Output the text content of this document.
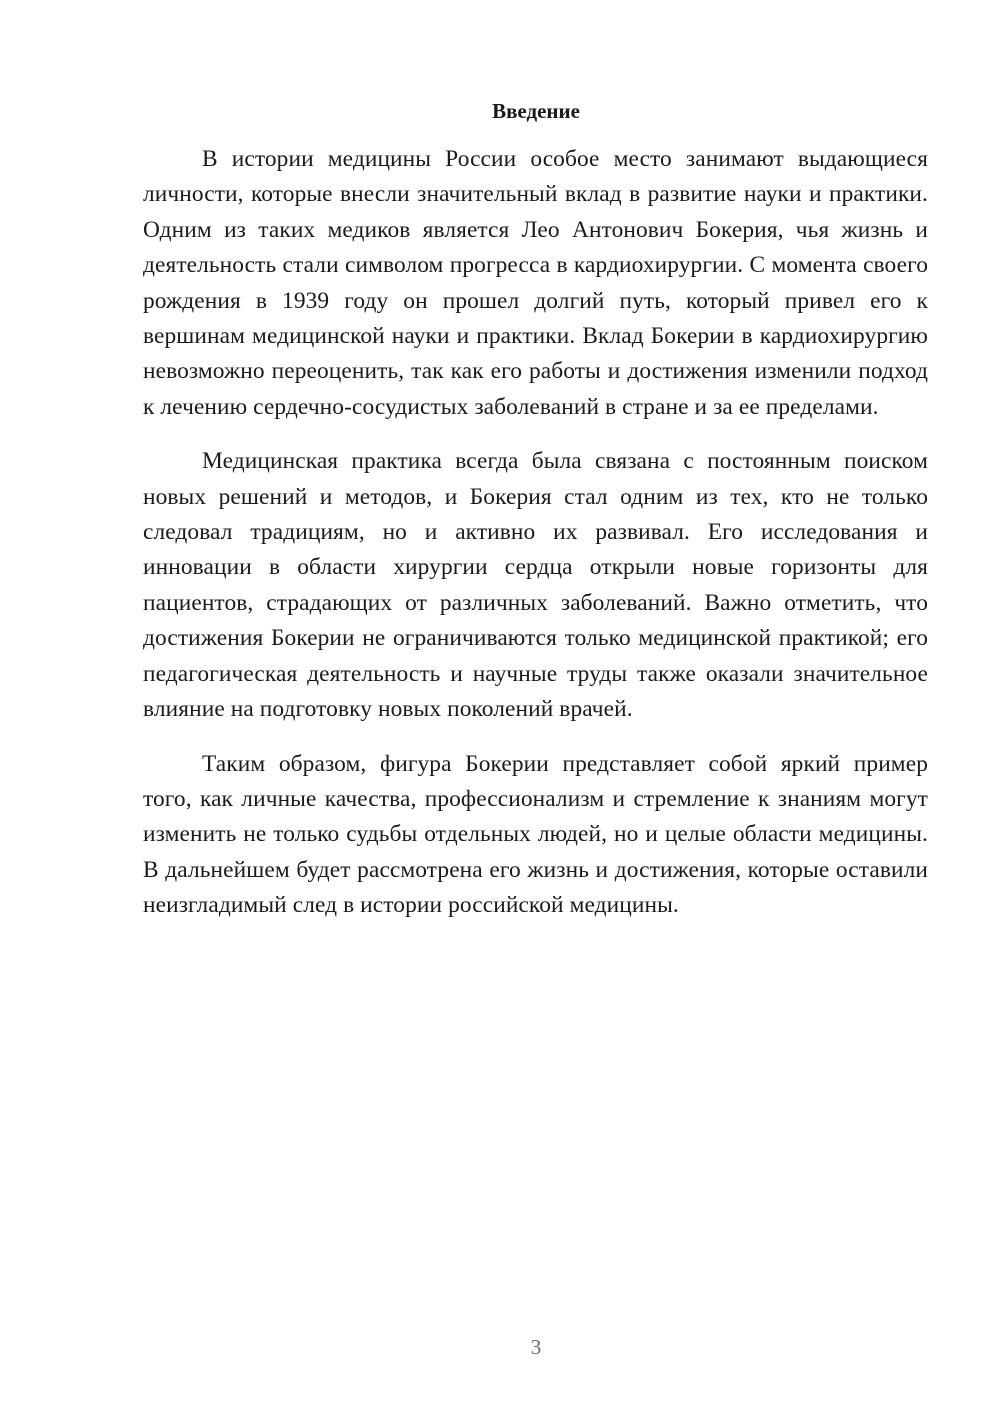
Введение

В истории медицины России особое место занимают выдающиеся личности, которые внесли значительный вклад в развитие науки и практики. Одним из таких медиков является Лео Антонович Бокерия, чья жизнь и деятельность стали символом прогресса в кардиохирургии. С момента своего рождения в 1939 году он прошел долгий путь, который привел его к вершинам медицинской науки и практики. Вклад Бокерии в кардиохирургию невозможно переоценить, так как его работы и достижения изменили подход к лечению сердечно-сосудистых заболеваний в стране и за ее пределами.

Медицинская практика всегда была связана с постоянным поиском новых решений и методов, и Бокерия стал одним из тех, кто не только следовал традициям, но и активно их развивал. Его исследования и инновации в области хирургии сердца открыли новые горизонты для пациентов, страдающих от различных заболеваний. Важно отметить, что достижения Бокерии не ограничиваются только медицинской практикой; его педагогическая деятельность и научные труды также оказали значительное влияние на подготовку новых поколений врачей.

Таким образом, фигура Бокерии представляет собой яркий пример того, как личные качества, профессионализм и стремление к знаниям могут изменить не только судьбы отдельных людей, но и целые области медицины. В дальнейшем будет рассмотрена его жизнь и достижения, которые оставили неизгладимый след в истории российской медицины.

3
